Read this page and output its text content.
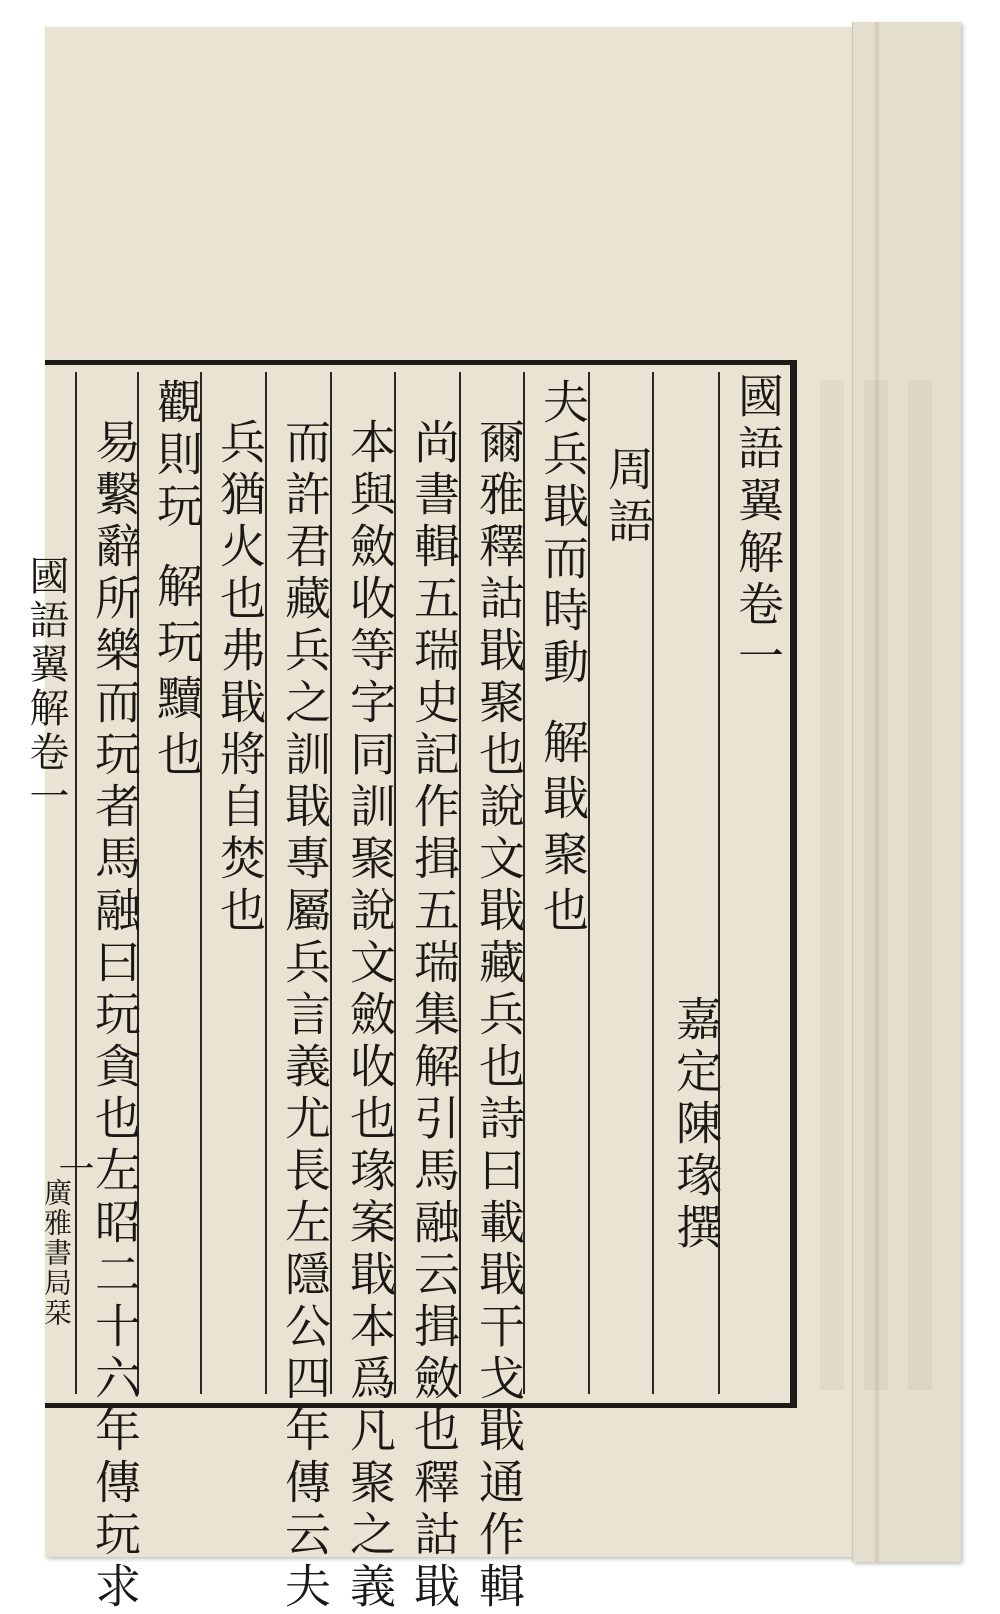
國語翼解卷一
嘉定陳瑑撰
周語
夫兵戢而時動解戢聚也
爾雅釋詁戢聚也說文戢藏兵也詩曰載戢干戈戢通作輯
尚書輯五瑞史記作揖五瑞集解引馬融云揖斂也釋詁戢
本與斂收等字同訓聚說文斂收也瑑案戢本爲凡聚之義
而許君藏兵之訓戢專屬兵言義尤長左隱公四年傳云夫
兵猶火也弗戢將自焚也
觀則玩解玩黷也
易繫辭所樂而玩者馬融曰玩貪也左昭二十六年傳玩求
國語翼解卷一
一
廣雅書局栞
